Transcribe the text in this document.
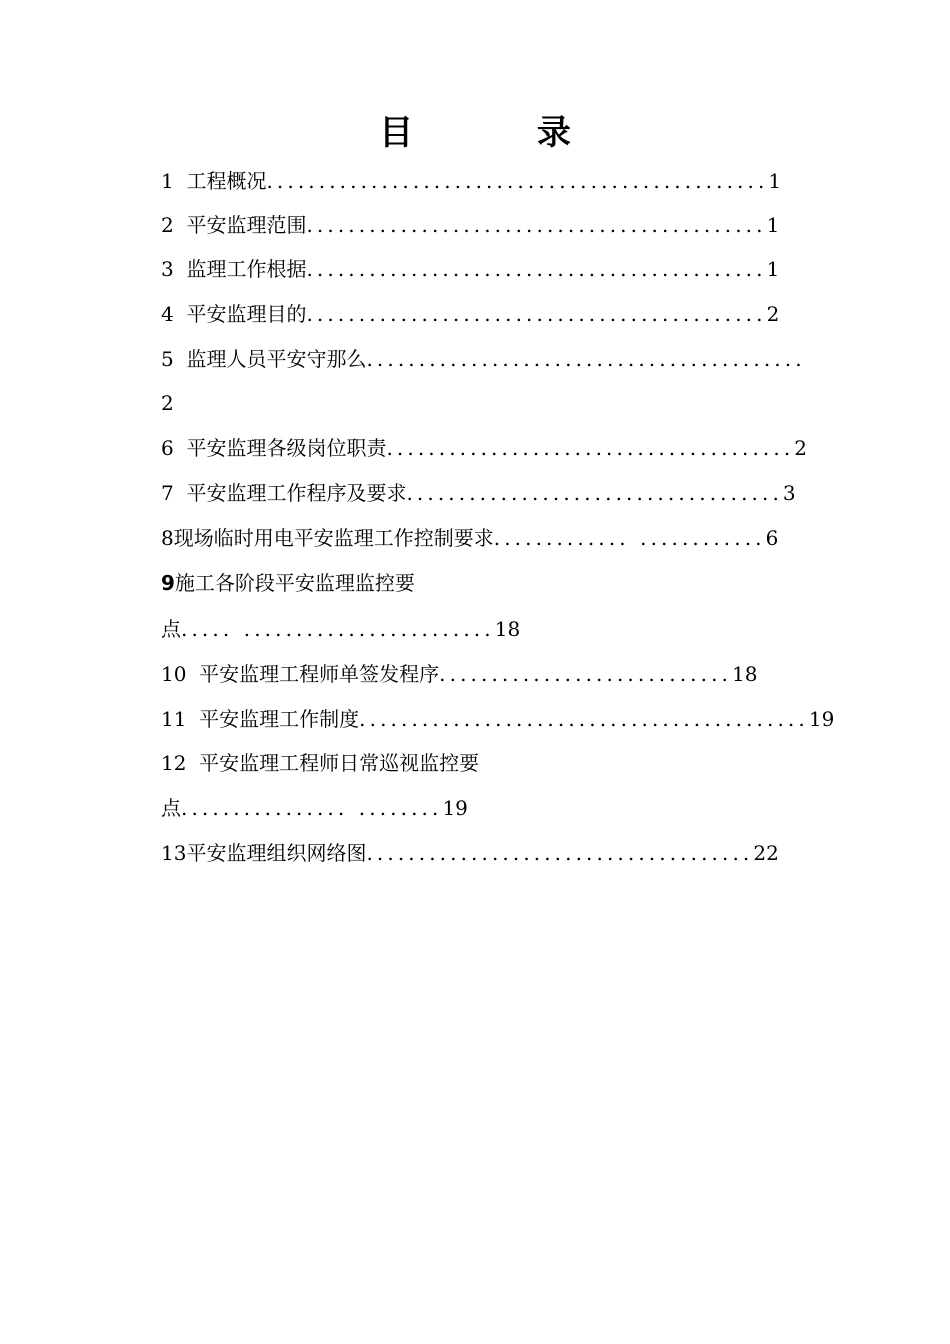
目 录
1 工程概况................................................1
2 平安监理范围............................................1
3 监理工作根据............................................1
4 平安监理目的............................................2
5 监理人员平安守那么..........................................
2
6 平安监理各级岗位职责.......................................2
7 平安监理工作程序及要求....................................3
8现场临时用电平安监理工作控制要求............. ............6
9施工各阶段平安监理监控要
点..... ........................18
10 平安监理工程师单签发程序............................18
11 平安监理工作制度...........................................19
12 平安监理工程师日常巡视监控要
点................ ........19
13平安监理组织网络图.....................................22
